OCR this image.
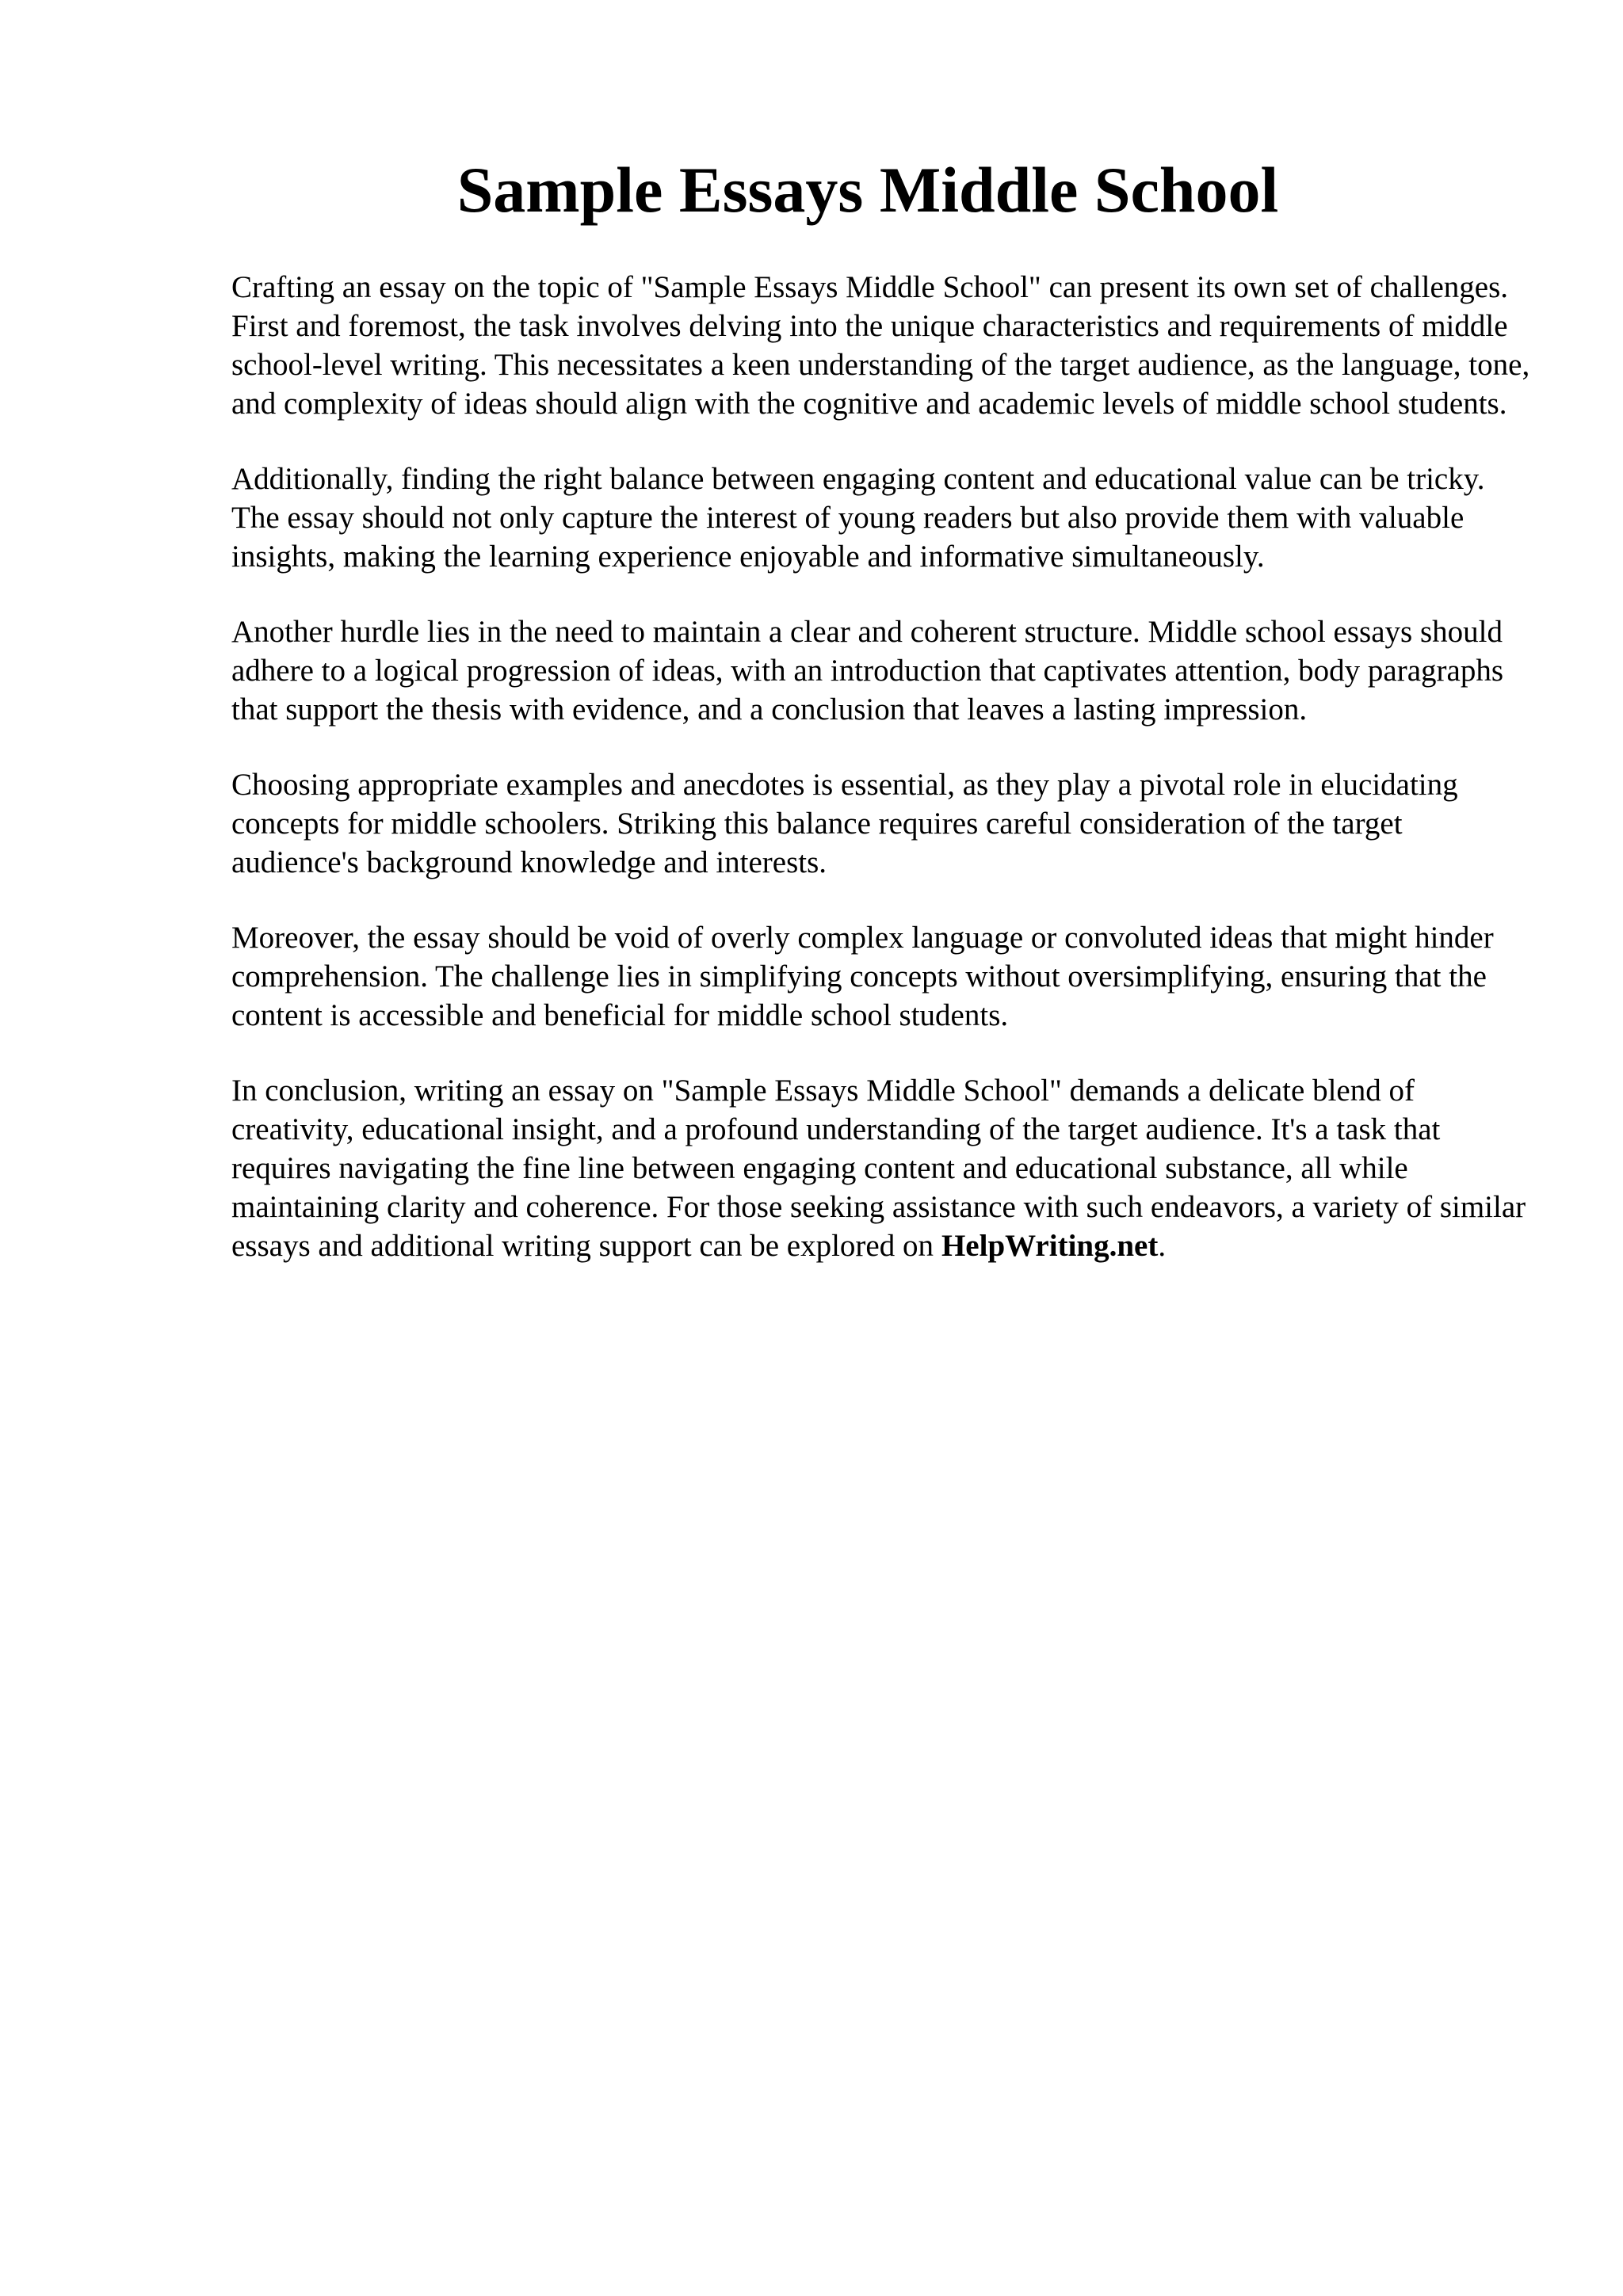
Sample Essays Middle School

Crafting an essay on the topic of "Sample Essays Middle School" can present its own set of challenges. First and foremost, the task involves delving into the unique characteristics and requirements of middle school-level writing. This necessitates a keen understanding of the target audience, as the language, tone, and complexity of ideas should align with the cognitive and academic levels of middle school students.

Additionally, finding the right balance between engaging content and educational value can be tricky. The essay should not only capture the interest of young readers but also provide them with valuable insights, making the learning experience enjoyable and informative simultaneously.

Another hurdle lies in the need to maintain a clear and coherent structure. Middle school essays should adhere to a logical progression of ideas, with an introduction that captivates attention, body paragraphs that support the thesis with evidence, and a conclusion that leaves a lasting impression.

Choosing appropriate examples and anecdotes is essential, as they play a pivotal role in elucidating concepts for middle schoolers. Striking this balance requires careful consideration of the target audience's background knowledge and interests.

Moreover, the essay should be void of overly complex language or convoluted ideas that might hinder comprehension. The challenge lies in simplifying concepts without oversimplifying, ensuring that the content is accessible and beneficial for middle school students.

In conclusion, writing an essay on "Sample Essays Middle School" demands a delicate blend of creativity, educational insight, and a profound understanding of the target audience. It's a task that requires navigating the fine line between engaging content and educational substance, all while maintaining clarity and coherence. For those seeking assistance with such endeavors, a variety of similar essays and additional writing support can be explored on HelpWriting.net.
